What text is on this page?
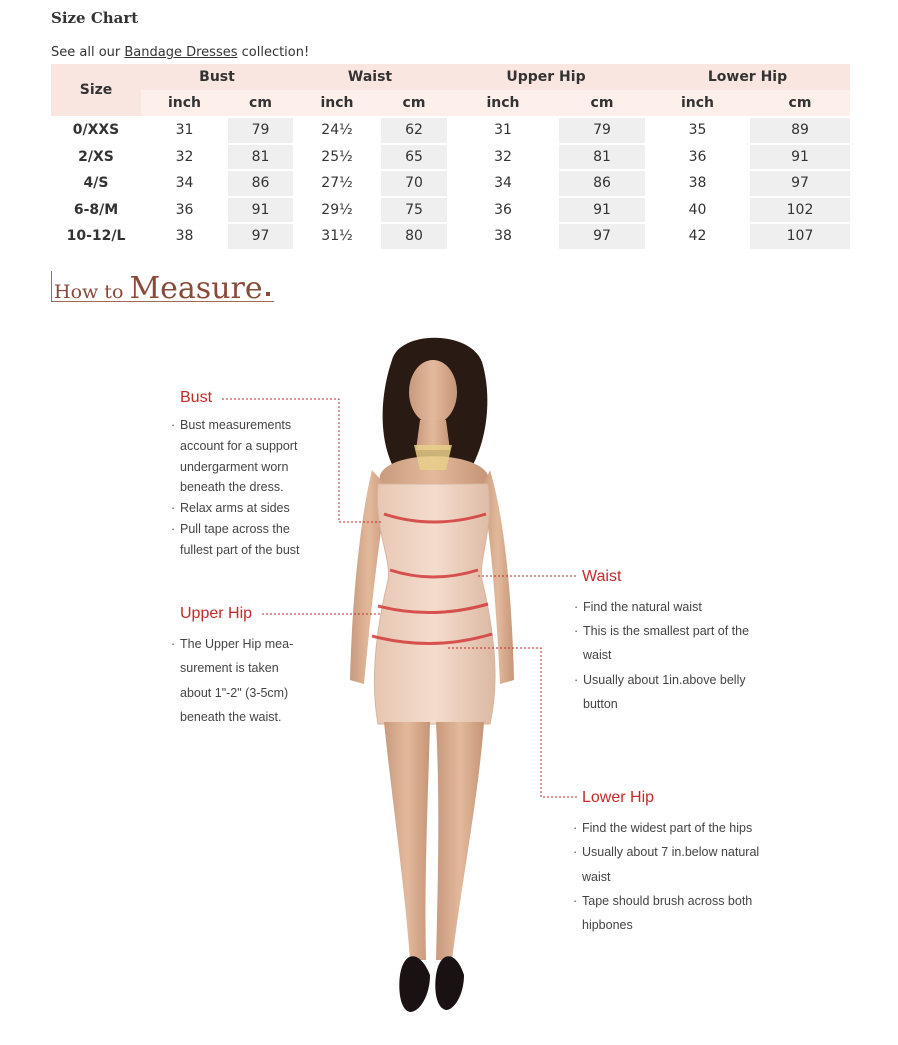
Size Chart
See all our Bandage Dresses collection!
Size	Bust		Waist		Upper Hip		Lower Hip	
	inch	cm	inch	cm	inch	cm	inch	cm
0/XXS	31	79	24½	62	31	79	35	89
2/XS	32	81	25½	65	32	81	36	91
4/S	34	86	27½	70	34	86	38	97
6-8/M	36	91	29½	75	36	91	40	102
10-12/L	38	97	31½	80	38	97	42	107
How to Measure
Bust
· Bust measurements
account for a support
undergarment worn
beneath the dress.
· Relax arms at sides
· Pull tape across the
fullest part of the bust
Upper Hip
· The Upper Hip mea-
surement is taken
about 1"-2" (3-5cm)
beneath the waist.
Waist
· Find the natural waist
· This is the smallest part of the
waist
· Usually about 1in.above belly
button
Lower Hip
· Find the widest part of the hips
· Usually about 7 in.below natural
waist
· Tape should brush across both
hipbones
